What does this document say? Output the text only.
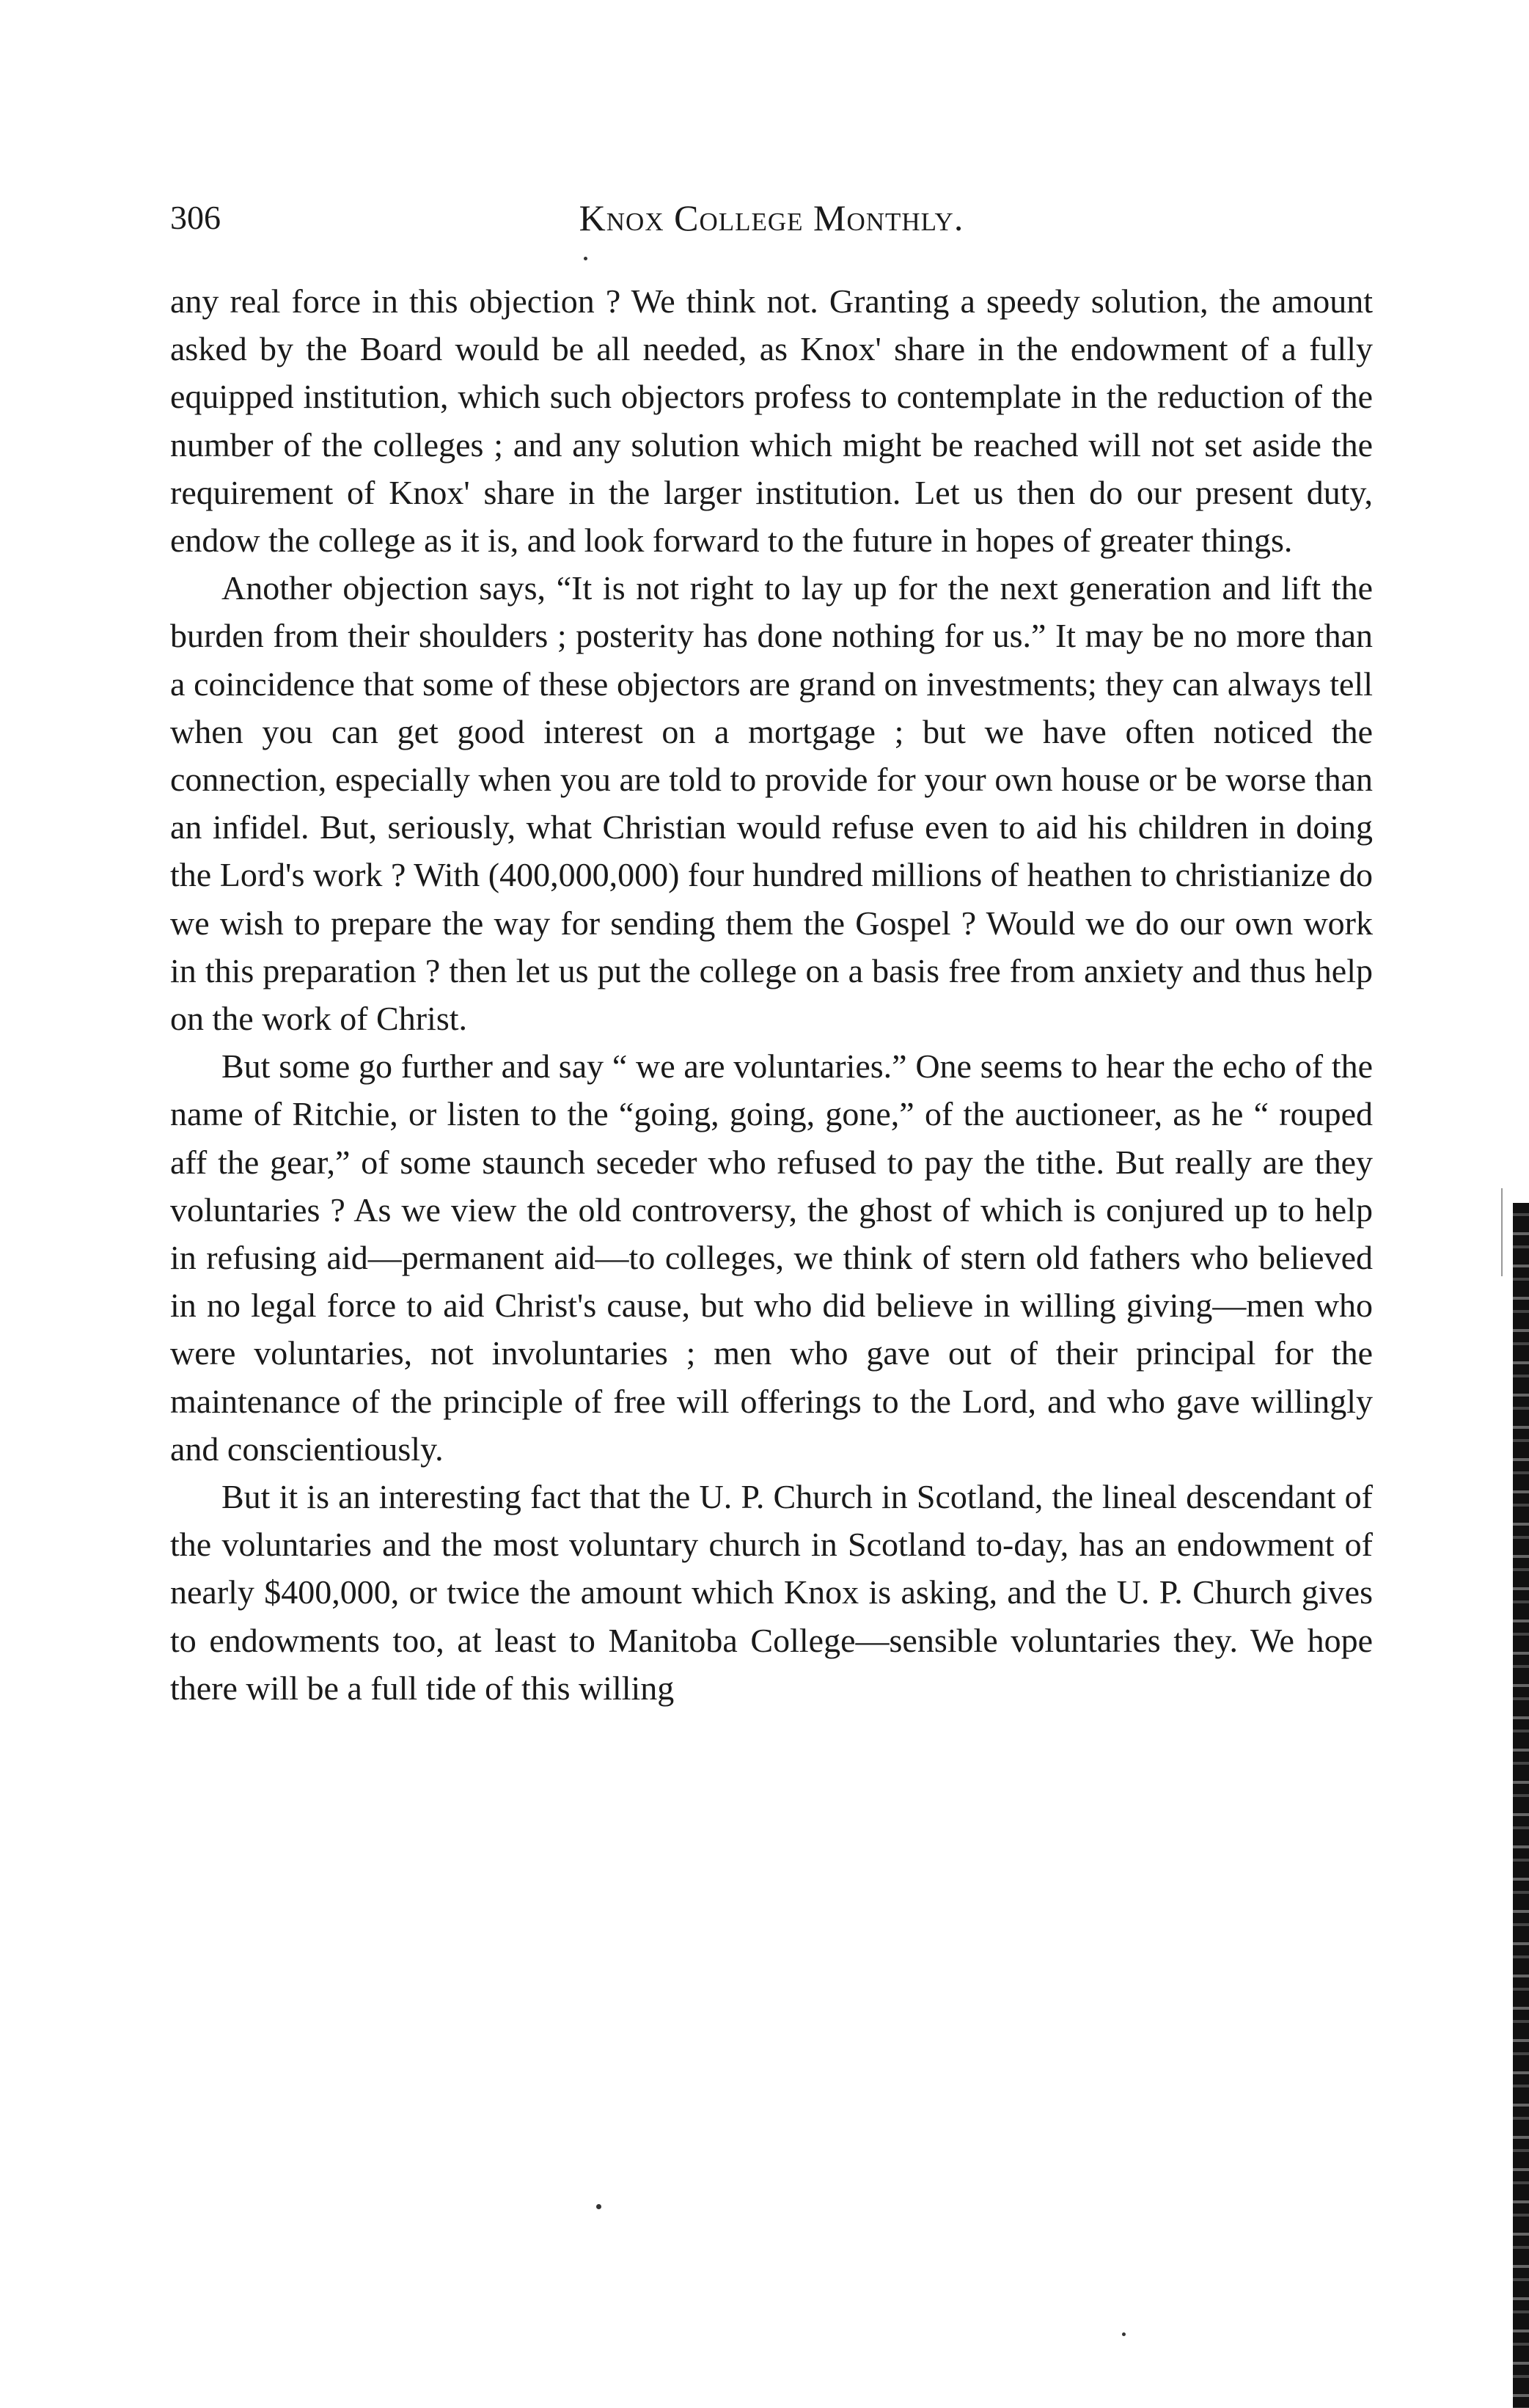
306	Knox College Monthly.

any real force in this objection ? We think not. Granting a speedy solution, the amount asked by the Board would be all needed, as Knox' share in the endowment of a fully equipped institution, which such objectors profess to contemplate in the reduction of the number of the colleges ; and any solution which might be reached will not set aside the requirement of Knox' share in the larger institution. Let us then do our present duty, endow the college as it is, and look forward to the future in hopes of greater things.

Another objection says, “It is not right to lay up for the next generation and lift the burden from their shoulders ; posterity has done nothing for us.” It may be no more than a coincidence that some of these objectors are grand on investments; they can always tell when you can get good interest on a mortgage ; but we have often noticed the connection, especially when you are told to provide for your own house or be worse than an infidel. But, seriously, what Christian would refuse even to aid his children in doing the Lord's work ? With (400,000,000) four hundred millions of heathen to christianize do we wish to prepare the way for sending them the Gospel ? Would we do our own work in this preparation ? then let us put the college on a basis free from anxiety and thus help on the work of Christ.

But some go further and say “ we are voluntaries.” One seems to hear the echo of the name of Ritchie, or listen to the “going, going, gone,” of the auctioneer, as he “ rouped aff the gear,” of some staunch seceder who refused to pay the tithe. But really are they voluntaries ? As we view the old controversy, the ghost of which is conjured up to help in refusing aid—permanent aid—to colleges, we think of stern old fathers who believed in no legal force to aid Christ's cause, but who did believe in willing giving—men who were voluntaries, not involuntaries ; men who gave out of their principal for the maintenance of the principle of free will offerings to the Lord, and who gave willingly and conscientiously.

But it is an interesting fact that the U. P. Church in Scotland, the lineal descendant of the voluntaries and the most voluntary church in Scotland to-day, has an endowment of nearly $400,000, or twice the amount which Knox is asking, and the U. P. Church gives to endowments too, at least to Manitoba College—sensible voluntaries they. We hope there will be a full tide of this willing
